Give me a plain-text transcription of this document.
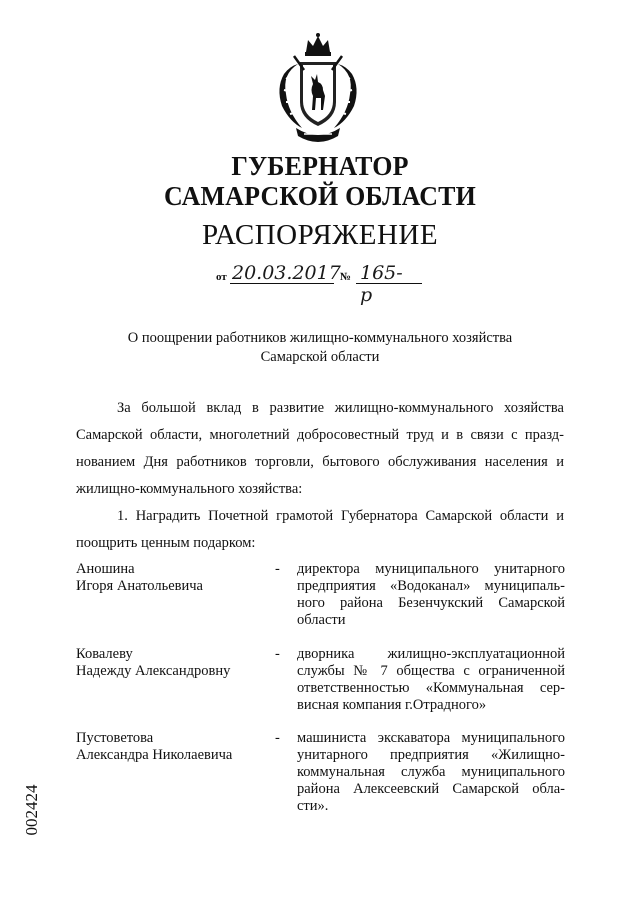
ГУБЕРНАТОР
САМАРСКОЙ ОБЛАСТИ
РАСПОРЯЖЕНИЕ
от 20.03.2017 № 165-р
О поощрении работников жилищно-коммунального хозяйства
Самарской области
За большой вклад в развитие жилищно-коммунального хозяйства
Самарской области, многолетний добросовестный труд и в связи с празд-
нованием Дня работников торговли, бытового обслуживания населения и
жилищно-коммунального хозяйства:
1. Наградить Почетной грамотой Губернатора Самарской области и
поощрить ценным подарком:
Аношина
Игоря Анатольевича
- директора муниципального унитарного
предприятия «Водоканал» муниципаль-
ного района Безенчукский Самарской
области
Ковалеву
Надежду Александровну
- дворника жилищно-эксплуатационной
службы № 7 общества с ограниченной
ответственностью «Коммунальная сер-
висная компания г.Отрадного»
Пустоветова
Александра Николаевича
- машиниста экскаватора муниципального
унитарного предприятия «Жилищно-
коммунальная служба муниципального
района Алексеевский Самарской обла-
сти».
002424
